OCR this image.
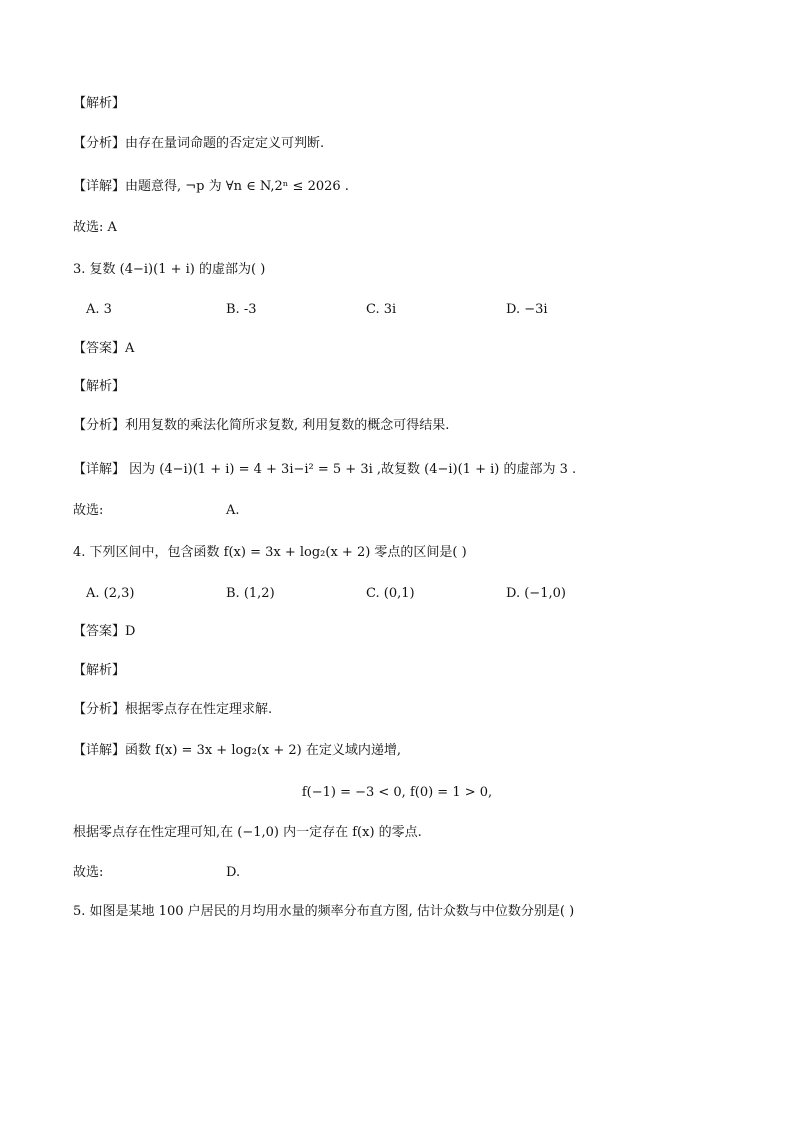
【解析】
【分析】由存在量词命题的否定定义可判断.
【详解】由题意得, ¬p 为 ∀n ∈ N,2ⁿ ≤ 2026 .
故选: A
3. 复数 (4−i)(1 + i) 的虚部为( )
A. 3	B. -3	C. 3i	D. −3i
【答案】A
【解析】
【分析】利用复数的乘法化简所求复数, 利用复数的概念可得结果.
【详解】 因为 (4−i)(1 + i) = 4 + 3i−i² = 5 + 3i ,故复数 (4−i)(1 + i) 的虚部为 3 .
故选:	A.
4. 下列区间中，包含函数 f(x) = 3x + log₂(x + 2) 零点的区间是( )
A. (2,3)	B. (1,2)	C. (0,1)	D. (−1,0)
【答案】D
【解析】
【分析】根据零点存在性定理求解.
【详解】函数 f(x) = 3x + log₂(x + 2) 在定义域内递增,
f(−1) = −3 < 0, f(0) = 1 > 0,
根据零点存在性定理可知,在 (−1,0) 内一定存在 f(x) 的零点.
故选:	D.
5. 如图是某地 100 户居民的月均用水量的频率分布直方图, 估计众数与中位数分别是( )
